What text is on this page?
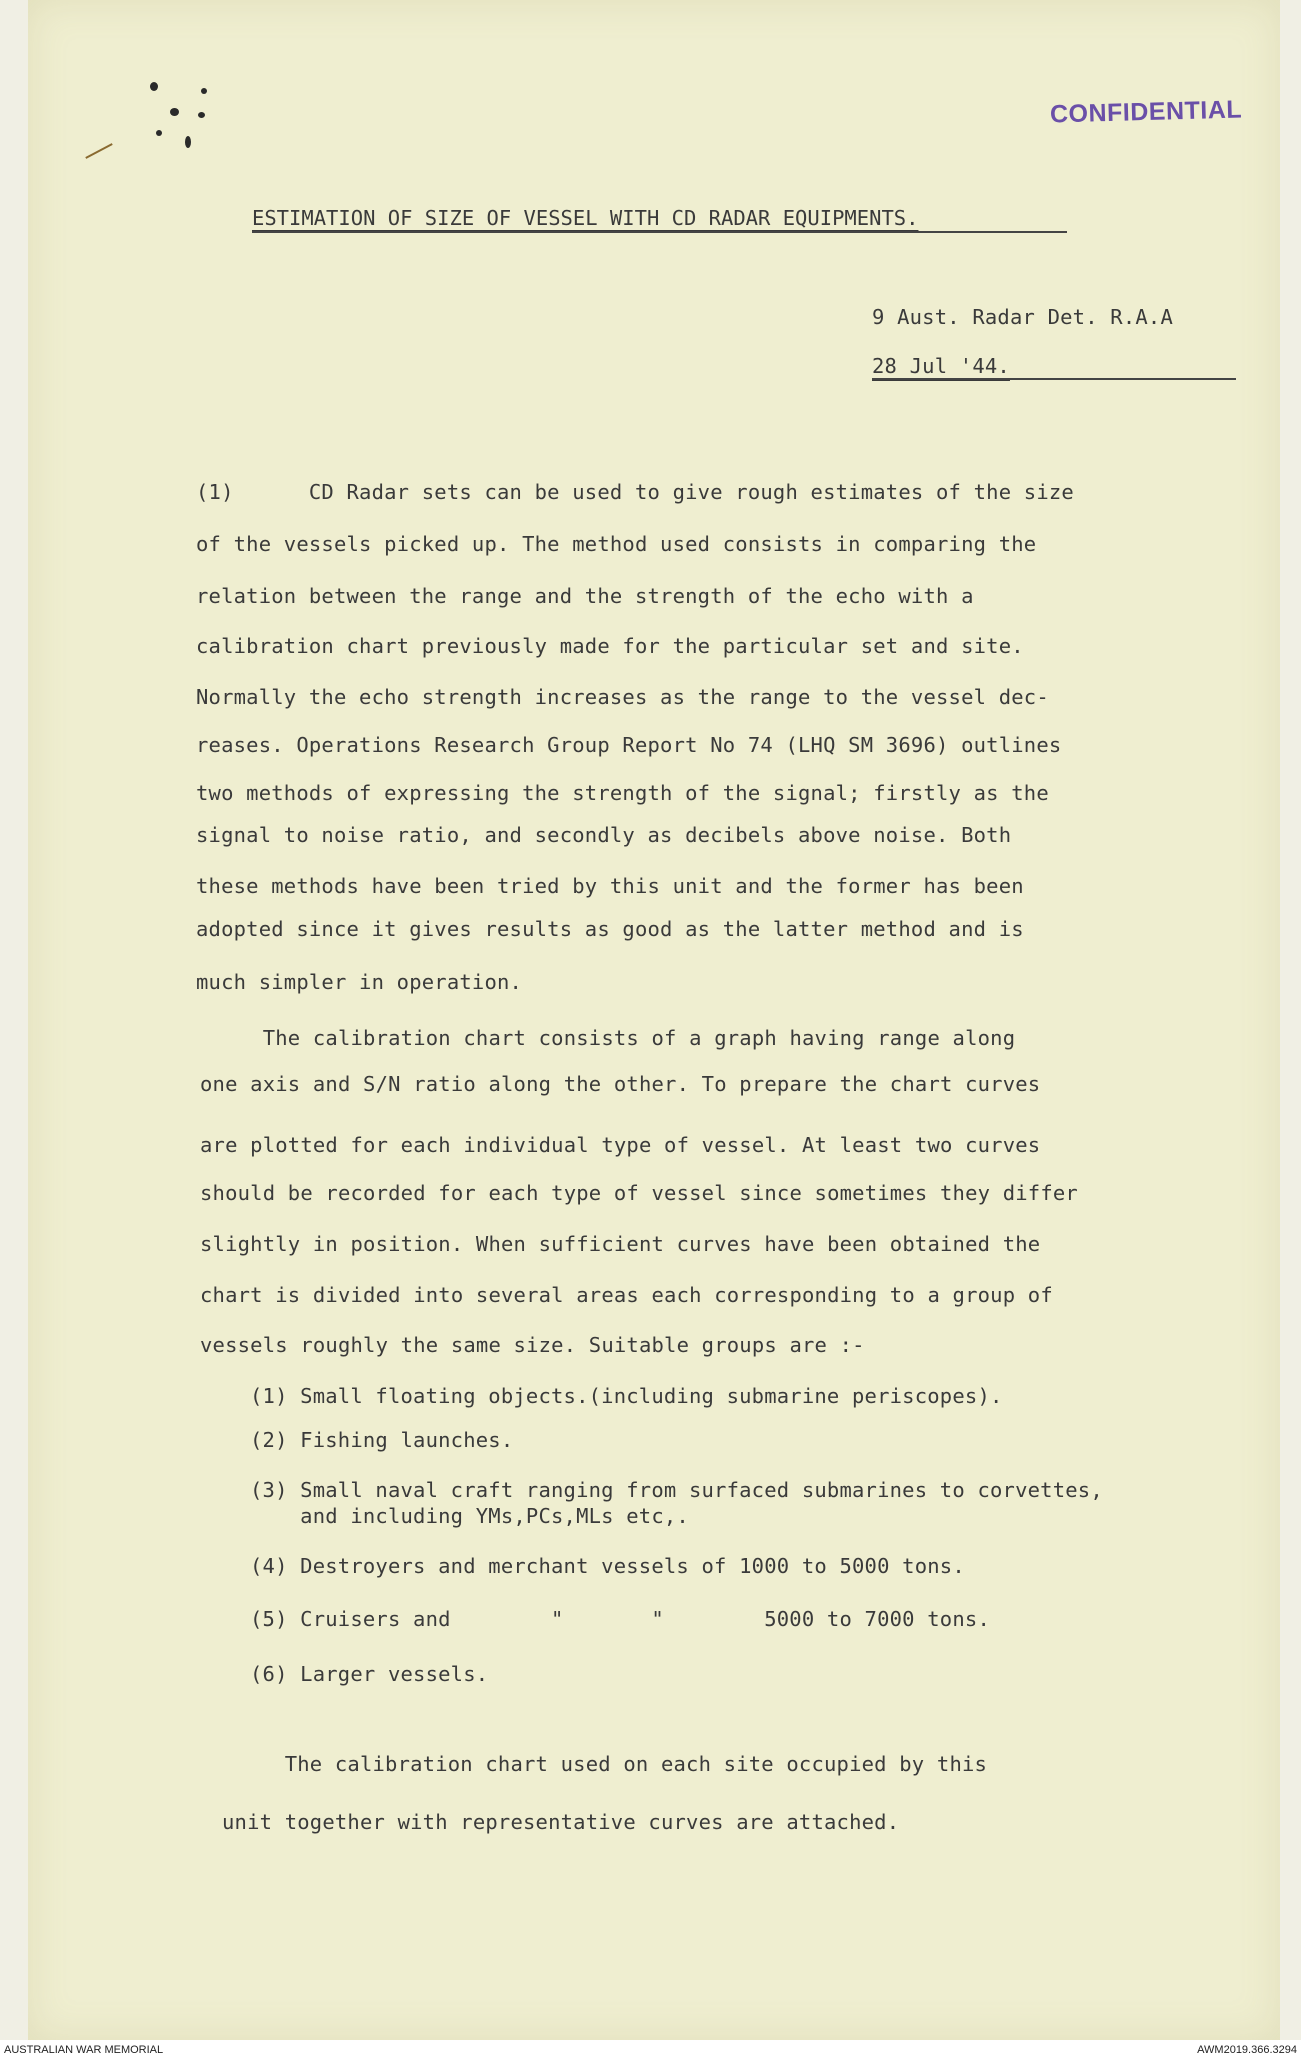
CONFIDENTIAL
ESTIMATION OF SIZE OF VESSEL WITH CD RADAR EQUIPMENTS.

9 Aust. Radar Det. R.A.A

28 Jul '44.

(1)      CD Radar sets can be used to give rough estimates of the size

of the vessels picked up. The method used consists in comparing the

relation between the range and the strength of the echo with a

calibration chart previously made for the particular set and site.

Normally the echo strength increases as the range to the vessel dec-

reases. Operations Research Group Report No 74 (LHQ SM 3696) outlines

two methods of expressing the strength of the signal; firstly as the

signal to noise ratio, and secondly as decibels above noise. Both

these methods have been tried by this unit and the former has been

adopted since it gives results as good as the latter method and is

much simpler in operation.

The calibration chart consists of a graph having range along

one axis and S/N ratio along the other. To prepare the chart curves

are plotted for each individual type of vessel. At least two curves

should be recorded for each type of vessel since sometimes they differ

slightly in position. When sufficient curves have been obtained the

chart is divided into several areas each corresponding to a group of

vessels roughly the same size. Suitable groups are :-

(1) Small floating objects.(including submarine periscopes).

(2) Fishing launches.

(3) Small naval craft ranging from surfaced submarines to corvettes,

and including YMs,PCs,MLs etc,.

(4) Destroyers and merchant vessels of 1000 to 5000 tons.

(5) Cruisers and        "       "        5000 to 7000 tons.

(6) Larger vessels.

The calibration chart used on each site occupied by this

unit together with representative curves are attached.

AUSTRALIAN WAR MEMORIAL	AWM2019.366.3294
